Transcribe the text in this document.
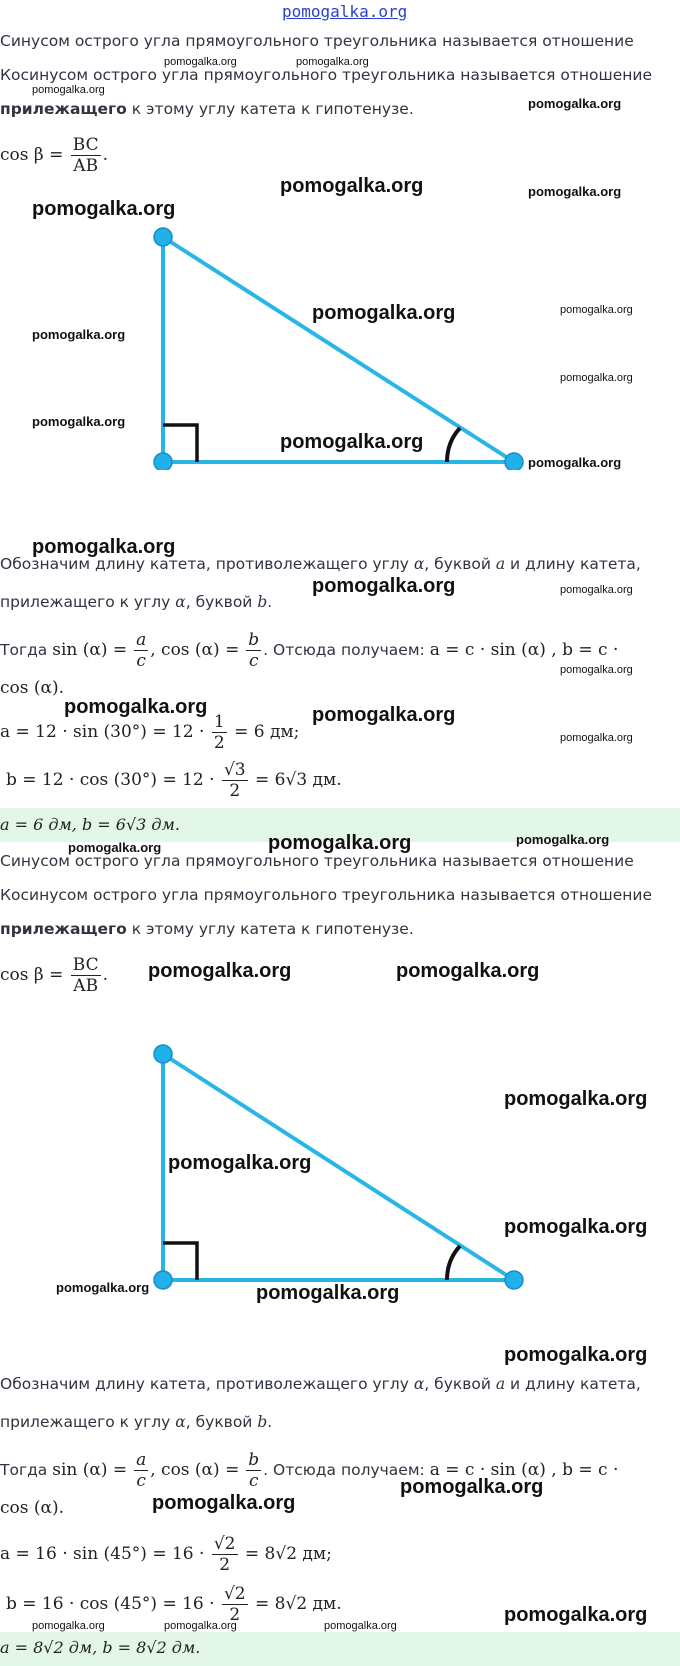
pomogalka.org
Синусом острого угла прямоугольного треугольника называется отношение
Косинусом острого угла прямоугольного треугольника называется отношение
прилежащего к этому углу катета к гипотенузе.
$\cos \beta = \frac{BC}{AB}$ .
Обозначим длину катета, противолежащего углу α, буквой a и длину катета,
прилежащего к углу α, буквой b.
Тогда $\sin (\alpha) = \frac{a}{c}$ , $\cos (\alpha) = \frac{b}{c}$ . Отсюда получаем: a = c · sin (α) , b = c ·
cos (α).
$a = 12 \cdot \sin (30^\circ) = 12 \cdot \frac{1}{2} = 6$ дм;
$b = 12 \cdot \cos (30^\circ) = 12 \cdot \frac{√3}{2} = 6√3$ дм.
a = 6 дм, b = 6√3 дм.
Синусом острого угла прямоугольного треугольника называется отношение
Косинусом острого угла прямоугольного треугольника называется отношение
прилежащего к этому углу катета к гипотенузе.
$\cos \beta = \frac{BC}{AB}$ .
Обозначим длину катета, противолежащего углу α, буквой a и длину катета,
прилежащего к углу α, буквой b.
Тогда $\sin (\alpha) = \frac{a}{c}$ , $\cos (\alpha) = \frac{b}{c}$ . Отсюда получаем: a = c · sin (α) , b = c ·
cos (α).
$a = 16 \cdot \sin (45^\circ) = 16 \cdot \frac{√2}{2} = 8√2$ дм;
$b = 16 \cdot \cos (45^\circ) = 16 \cdot \frac{√2}{2} = 8√2$ дм.
a = 8√2 дм, b = 8√2 дм.
pomogalka.org	pomogalka.org
pomogalka.org
pomogalka.org
pomogalka.org	pomogalka.org
pomogalka.org
pomogalka.org	pomogalka.org
pomogalka.org
pomogalka.org
pomogalka.org
pomogalka.org
pomogalka.org
pomogalka.org
pomogalka.org	pomogalka.org
pomogalka.org
pomogalka.org	pomogalka.org
pomogalka.org
pomogalka.org	pomogalka.org
pomogalka.org
pomogalka.org	pomogalka.org
pomogalka.org
pomogalka.org
pomogalka.org
pomogalka.org	pomogalka.org
pomogalka.org
pomogalka.org
pomogalka.org
pomogalka.org
pomogalka.org	pomogalka.org	pomogalka.org
